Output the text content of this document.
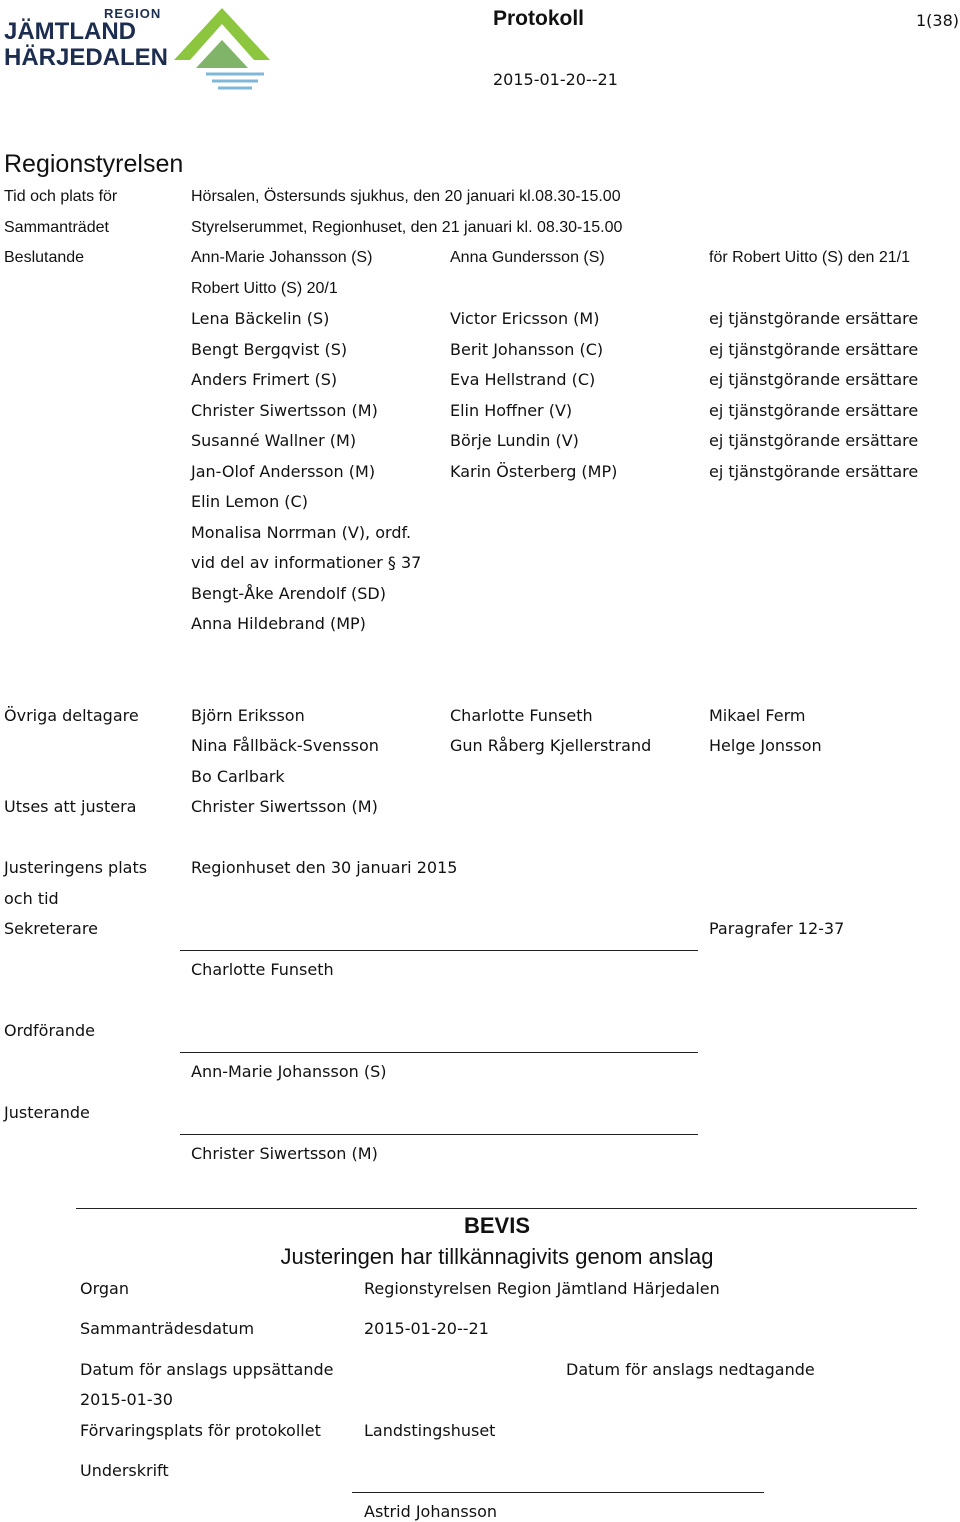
REGION
JÄMTLAND
HÄRJEDALEN
Protokoll	1(38)
2015-01-20--21
Regionstyrelsen
Tid och plats för	Hörsalen, Östersunds sjukhus, den 20 januari kl.08.30-15.00
Sammanträdet	Styrelserummet, Regionhuset, den 21 januari kl. 08.30-15.00
Beslutande	Ann-Marie Johansson (S)	Anna Gundersson (S)	för Robert Uitto (S) den 21/1
Robert Uitto (S) 20/1
Lena Bäckelin (S)	Victor Ericsson (M)	ej tjänstgörande ersättare
Bengt Bergqvist (S)	Berit Johansson (C)	ej tjänstgörande ersättare
Anders Frimert (S)	Eva Hellstrand (C)	ej tjänstgörande ersättare
Christer Siwertsson (M)	Elin Hoffner (V)	ej tjänstgörande ersättare
Susanné Wallner (M)	Börje Lundin (V)	ej tjänstgörande ersättare
Jan-Olof Andersson (M)	Karin Österberg (MP)	ej tjänstgörande ersättare
Elin Lemon (C)
Monalisa Norrman (V), ordf.
vid del av informationer § 37
Bengt-Åke Arendolf (SD)
Anna Hildebrand (MP)
Övriga deltagare	Björn Eriksson	Charlotte Funseth	Mikael Ferm
Nina Fållbäck-Svensson	Gun Råberg Kjellerstrand	Helge Jonsson
Bo Carlbark
Utses att justera	Christer Siwertsson (M)
Justeringens plats	Regionhuset den 30 januari 2015
och tid
Sekreterare	Paragrafer 12-37
Charlotte Funseth
Ordförande
Ann-Marie Johansson (S)
Justerande
Christer Siwertsson (M)
BEVIS
Justeringen har tillkännagivits genom anslag
Organ	Regionstyrelsen Region Jämtland Härjedalen
Sammanträdesdatum	2015-01-20--21
Datum för anslags uppsättande	Datum för anslags nedtagande
2015-01-30
Förvaringsplats för protokollet	Landstingshuset
Underskrift
Astrid Johansson
